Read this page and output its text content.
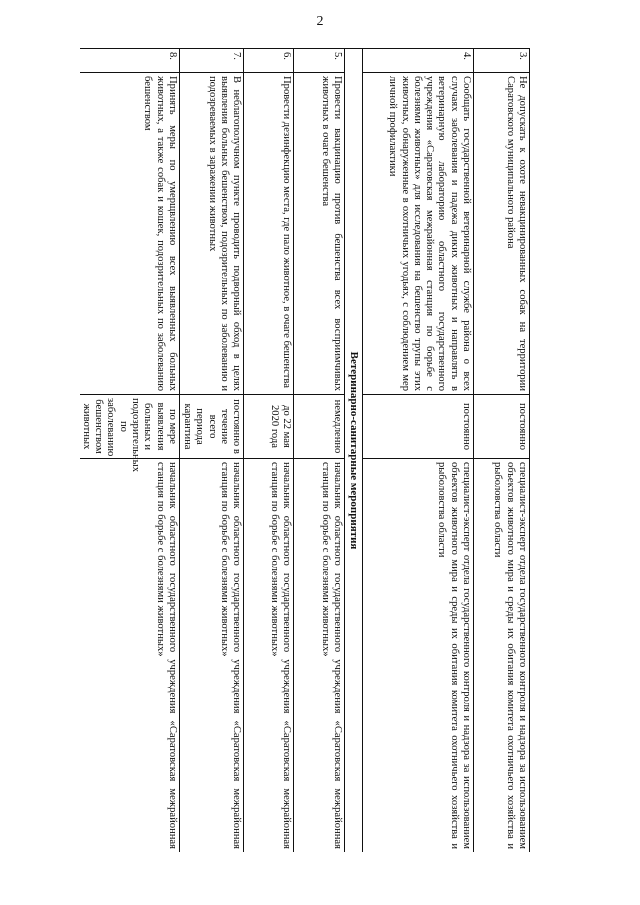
2
3.	Не допускать к охоте невакцинированных собак на территории Саратовского муниципального района	постоянно	специалист-эксперт отдела государственного контроля и надзора за использованием объектов животного мира и среды их обитания комитета охотничьего хозяйства и рыболовства области
4.	Сообщать государственной ветеринарной службе района о всех случаях заболевания и падежа диких животных и направлять в ветеринарную лабораторию областного государственного учреждения «Саратовская межрайонная станция по борьбе с болезнями животных» для исследования на бешенство трупы этих животных, обнаруженные в охотничьих угодьях, с соблюдением мер личной профилактики	постоянно	специалист-эксперт отдела государственного контроля и надзора за использованием объектов животного мира и среды их обитания комитета охотничьего хозяйства и рыболовства области
Ветеринарно-санитарные мероприятия			
5.	Провести вакцинацию против бешенства всех восприимчивых животных в очаге бешенства	немедленно	начальник областного государственного учреждения «Саратовская межрайонная станция по борьбе с болезнями животных»
6.	Провести дезинфекцию места, где пало животное, в очаге бешенства	до 22 мая 2020 года	начальник областного государственного учреждения «Саратовская межрайонная станция по борьбе с болезнями животных»
7.	В неблагополучном пункте проводить подворный обход в целях выявления больных бешенством, подозрительных по заболеванию и подозреваемых в заражении животных	постоянно в течение всего периода карантина	начальник областного государственного учреждения «Саратовская межрайонная станция по борьбе с болезнями животных»
8.	Принять меры по умерщвлению всех выявленных больных животных, а также собак и кошек, подозрительных по заболеванию бешенством	по мере выявления больных и подозрительных по заболеванию бешенством животных	начальник областного государственного учреждения «Саратовская межрайонная станция по борьбе с болезнями животных»
